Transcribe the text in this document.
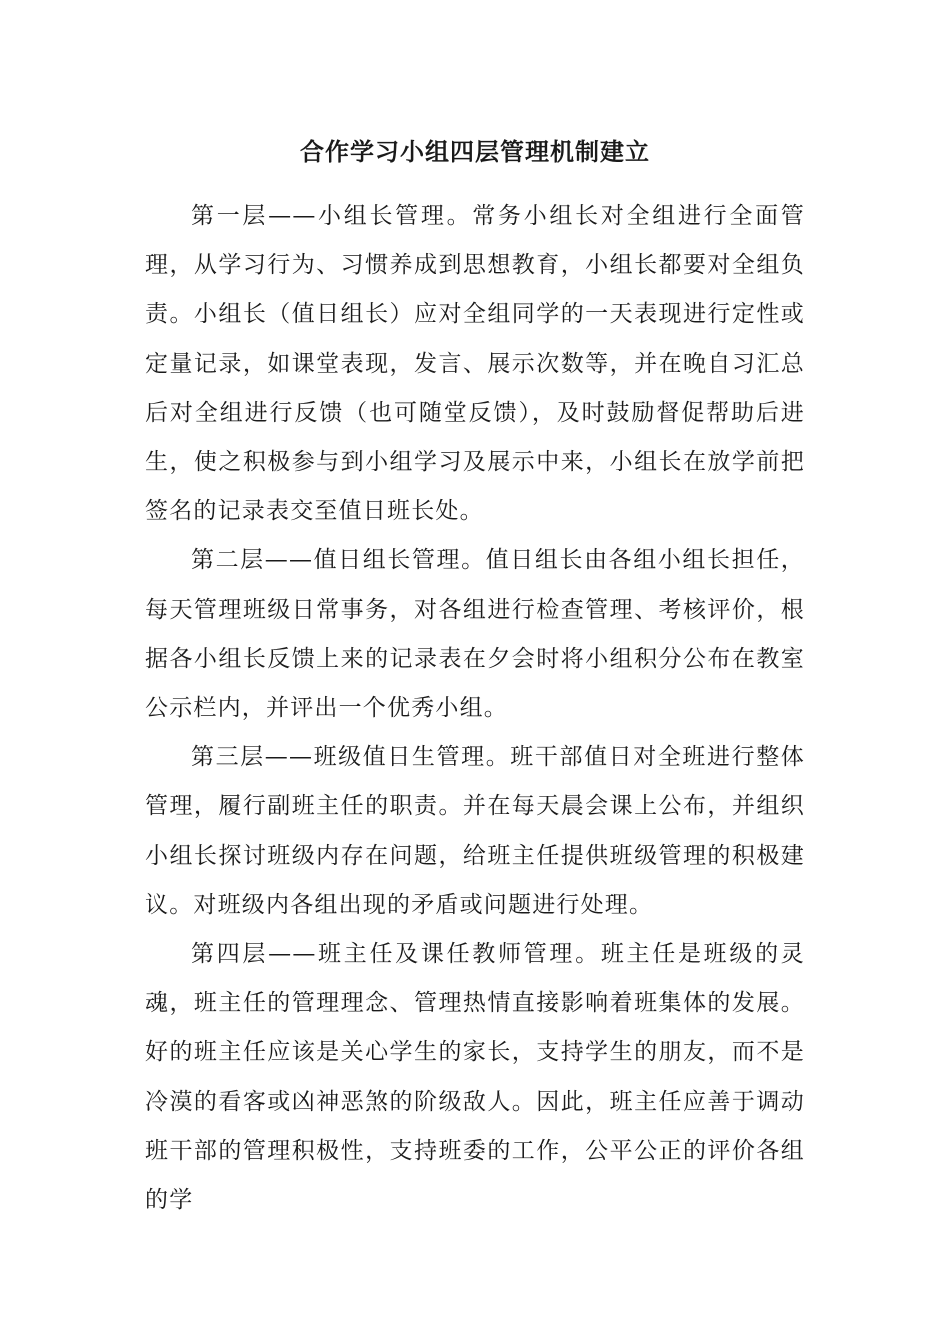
合作学习小组四层管理机制建立

第一层——小组长管理。常务小组长对全组进行全面管理，从学习行为、习惯养成到思想教育，小组长都要对全组负责。小组长（值日组长）应对全组同学的一天表现进行定性或定量记录，如课堂表现，发言、展示次数等，并在晚自习汇总后对全组进行反馈（也可随堂反馈），及时鼓励督促帮助后进生，使之积极参与到小组学习及展示中来，小组长在放学前把签名的记录表交至值日班长处。

第二层——值日组长管理。值日组长由各组小组长担任，每天管理班级日常事务，对各组进行检查管理、考核评价，根据各小组长反馈上来的记录表在夕会时将小组积分公布在教室公示栏内，并评出一个优秀小组。

第三层——班级值日生管理。班干部值日对全班进行整体管理，履行副班主任的职责。并在每天晨会课上公布，并组织小组长探讨班级内存在问题，给班主任提供班级管理的积极建议。对班级内各组出现的矛盾或问题进行处理。

第四层——班主任及课任教师管理。班主任是班级的灵魂，班主任的管理理念、管理热情直接影响着班集体的发展。好的班主任应该是关心学生的家长，支持学生的朋友，而不是冷漠的看客或凶神恶煞的阶级敌人。因此，班主任应善于调动班干部的管理积极性，支持班委的工作，公平公正的评价各组的学
